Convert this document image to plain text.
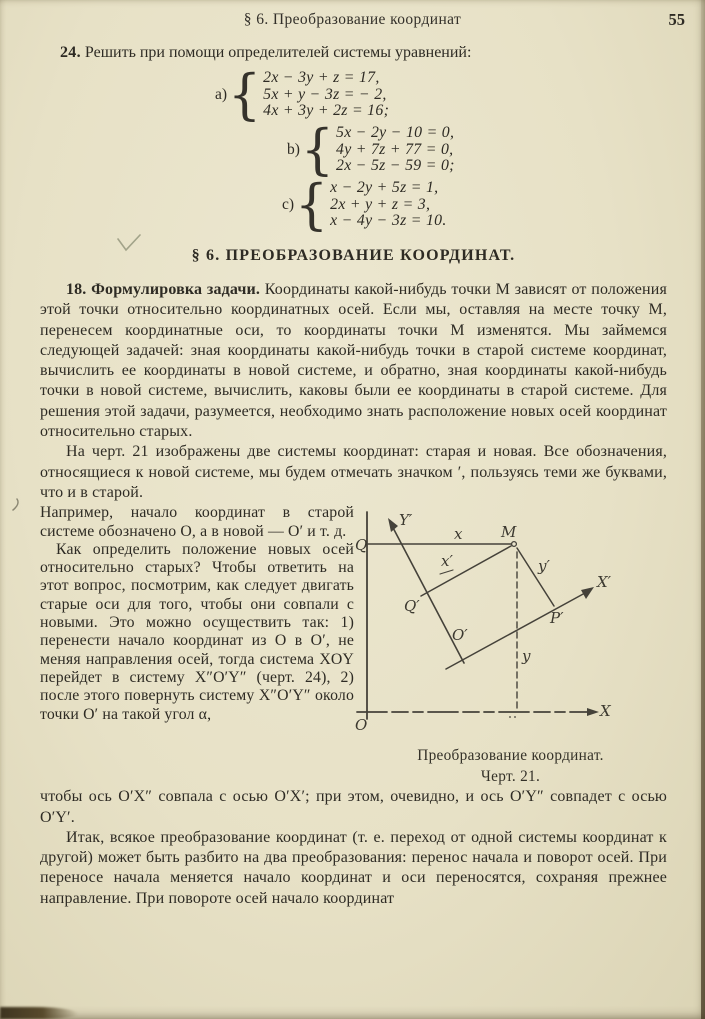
§ 6. Преобразование координат	55
24. Решить при помощи определителей системы уравнений:
a) { 2x − 3y + z = 17,
5x + y − 3z = − 2,
4x + 3y + 2z = 16;
b) { 5x − 2y − 10 = 0,
4y + 7z + 77 = 0,
2x − 5z − 59 = 0;
c) { x − 2y + 5z = 1,
2x + y + z = 3,
x − 4y − 3z = 10.
§ 6. ПРЕОБРАЗОВАНИЕ КООРДИНАТ.

18. Формулировка задачи. Координаты какой-нибудь точки M зависят от положения этой точки относительно координатных осей. Если мы, оставляя на месте точку M, перенесем координатные оси, то координаты точки M изменятся. Мы займемся следующей задачей: зная координаты какой-нибудь точки в старой системе координат, вычислить ее координаты в новой системе, и обратно, зная координаты какой-нибудь точки в новой системе, вычислить, каковы были ее координаты в старой системе. Для решения этой задачи, разумеется, необходимо знать расположение новых осей координат относительно старых.

На черт. 21 изображены две системы координат: старая и новая. Все обозначения, относящиеся к новой системе, мы будем отмечать значком ′, пользуясь теми же буквами, что и в старой.

Например, начало координат в старой системе обозначено O, а в новой — O′ и т. д.

Как определить положение новых осей относительно старых? Чтобы ответить на этот вопрос, посмотрим, как следует двигать старые оси для того, чтобы они совпали с новыми. Это можно осуществить так: 1) перенести начало координат из O в O′, не меняя направления осей, тогда система XOY перейдет в систему X″O′Y″ (черт. 24), 2) после этого повернуть систему X″O′Y″ около точки O′ на такой угол α,

Q
Y′
x	M
x′
Q′
X′
P′
O′
y′
y
X
O
Преобразование координат.
Черт. 21.

чтобы ось O′X″ совпала с осью O′X′; при этом, очевидно, и ось O′Y″ совпадет с осью O′Y′.

Итак, всякое преобразование координат (т. е. переход от одной системы координат к другой) может быть разбито на два преобразования: перенос начала и поворот осей. При переносе начала меняется начало координат и оси переносятся, сохраняя прежнее направление. При повороте осей начало координат
